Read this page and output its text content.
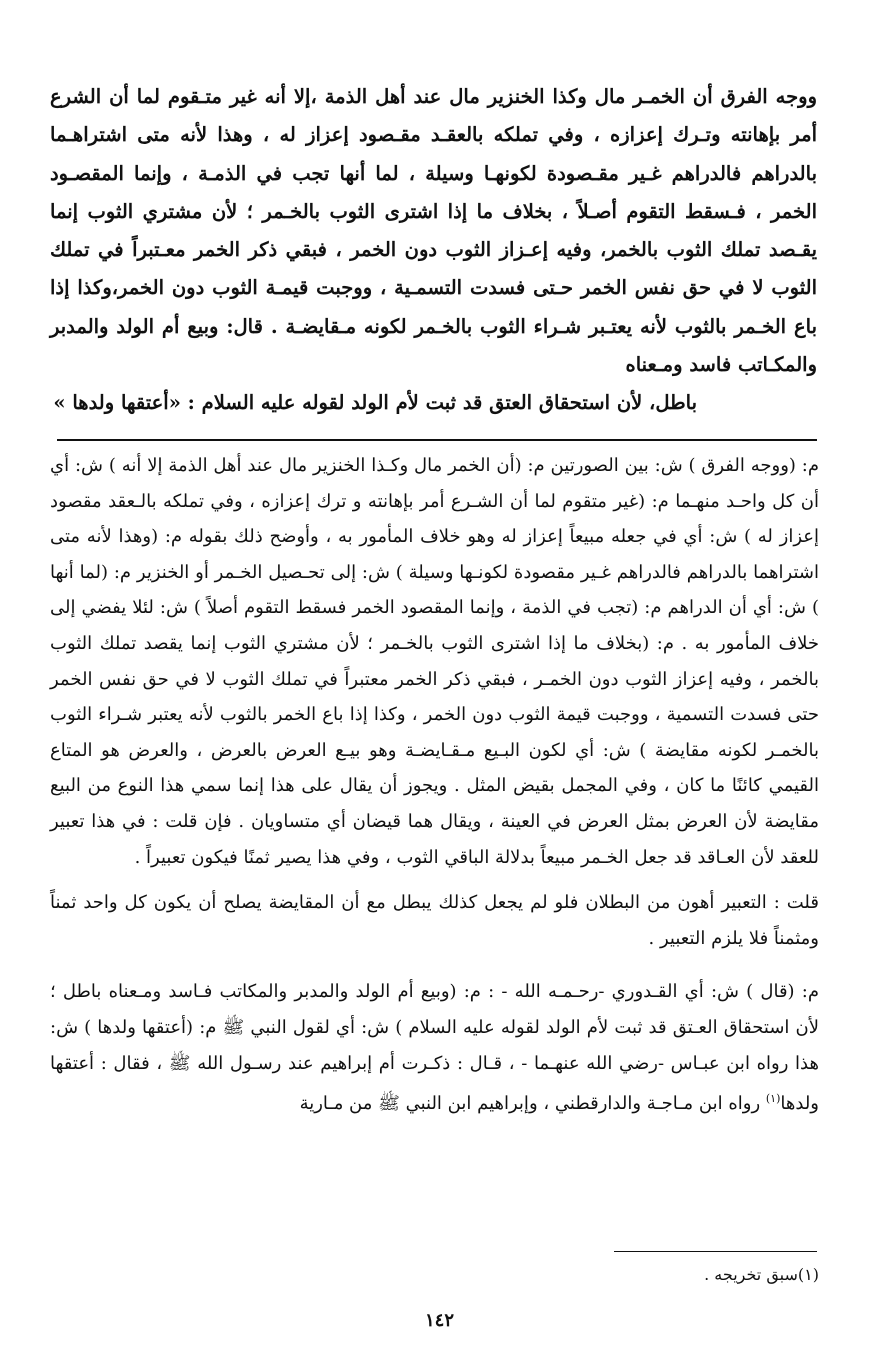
ووجه الفرق أن الخمـر مال وكذا الخنزير مال عند أهل الذمة ،إلا أنه غير متـقوم لما أن الشرع أمر بإهانته وتـرك إعزازه ، وفي تملكه بالعقـد مقـصود إعزاز له ، وهذا لأنه متى اشتراهـما بالدراهم فالدراهم غـير مقـصودة لكونهـا وسيلة ، لما أنها تجب في الذمـة ، وإنما المقصـود الخمر ، فـسقط التقوم أصـلاً ، بخلاف ما إذا اشترى الثوب بالخـمر ؛ لأن مشتري الثوب إنما يقـصد تملك الثوب بالخمر، وفيه إعـزاز الثوب دون الخمر ، فبقي ذكر الخمر معـتبراً في تملك الثوب لا في حق نفس الخمر حـتى فسدت التسمـية ، ووجبت قيمـة الثوب دون الخمر،وكذا إذا باع الخـمر بالثوب لأنه يعتـبر شـراء الثوب بالخـمر لكونه مـقايضـة . قال: وبيع أم الولد والمدبر والمكـاتب فاسد ومـعناه
باطل، لأن استحقاق العتق قد ثبت لأم الولد لقوله عليه السلام : «أعتقها ولدها »

م: (ووجه الفرق ) ش: بين الصورتين م: (أن الخمر مال وكـذا الخنزير مال عند أهل الذمة إلا أنه ) ش: أي أن كل واحـد منهـما م: (غير متقوم لما أن الشـرع أمر بإهانته و ترك إعزازه ، وفي تملكه بالـعقد مقصود إعزاز له ) ش: أي في جعله مبيعاً إعزاز له وهو خلاف المأمور به ، وأوضح ذلك بقوله م: (وهذا لأنه متى اشتراهما بالدراهم فالدراهم غـير مقصودة لكونـها وسيلة ) ش: إلى تحـصيل الخـمر أو الخنزير م: (لما أنها ) ش: أي أن الدراهم م: (تجب في الذمة ، وإنما المقصود الخمر فسقط التقوم أصلاً ) ش: لئلا يفضي إلى خلاف المأمور به . م: (بخلاف ما إذا اشترى الثوب بالخـمر ؛ لأن مشتري الثوب إنما يقصد تملك الثوب بالخمر ، وفيه إعزاز الثوب دون الخمـر ، فبقي ذكر الخمر معتبراً في تملك الثوب لا في حق نفس الخمر حتى فسدت التسمية ، ووجبت قيمة الثوب دون الخمر ، وكذا إذا باع الخمر بالثوب لأنه يعتبر شـراء الثوب بالخمـر لكونه مقايضة ) ش: أي لكون البـيع مـقـايضـة وهو بيـع العرض بالعرض ، والعرض هو المتاع القيمي كائنًا ما كان ، وفي المجمل بقيض المثل . ويجوز أن يقال على هذا إنما سمي هذا النوع من البيع مقايضة لأن العرض بمثل العرض في العينة ، ويقال هما قيضان أي متساويان . فإن قلت : في هذا تعبير للعقد لأن العـاقد قد جعل الخـمر مبيعاً بدلالة الباقي الثوب ، وفي هذا يصير ثمنًا فيكون تعبيراً .

قلت : التعبير أهون من البطلان فلو لم يجعل كذلك يبطل مع أن المقايضة يصلح أن يكون كل واحد ثمناً ومثمناً فلا يلزم التعبير .

م: (قال ) ش: أي القـدوري -رحـمـه الله - : م: (وبيع أم الولد والمدبر والمكاتب فـاسد ومـعناه باطل ؛ لأن استحقاق العـتق قد ثبت لأم الولد لقوله عليه السلام ) ش: أي لقول النبي ﷺ م: (أعتقها ولدها ) ش: هذا رواه ابن عبـاس -رضي الله عنهـما - ، قـال : ذكـرت أم إبراهيم عند رسـول الله ﷺ ، فقال : أعتقها ولدها$^{(١)}$ رواه ابن مـاجـة والدارقطني ، وإبراهيم ابن النبي ﷺ من مـارية

(١)سبق تخريجه .
١٤٢
